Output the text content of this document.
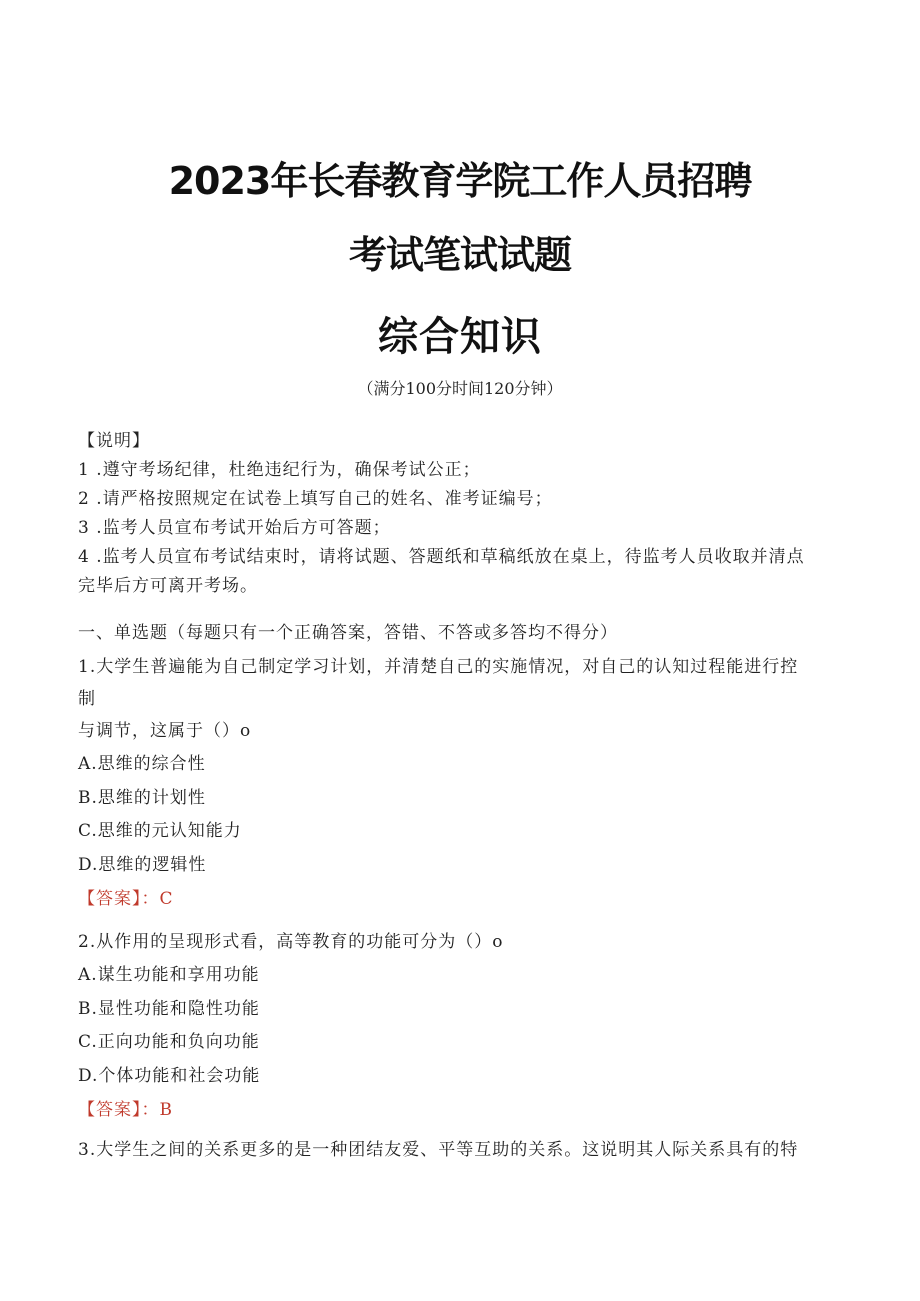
2023年长春教育学院工作人员招聘
考试笔试试题
综合知识
（满分100分时间120分钟）
【说明】
1 .遵守考场纪律，杜绝违纪行为，确保考试公正；
2 .请严格按照规定在试卷上填写自己的姓名、准考证编号；
3 .监考人员宣布考试开始后方可答题；
4 .监考人员宣布考试结束时，请将试题、答题纸和草稿纸放在桌上，待监考人员收取并清点
完毕后方可离开考场。
一、单选题（每题只有一个正确答案，答错、不答或多答均不得分）
1.大学生普遍能为自己制定学习计划，并清楚自己的实施情况，对自己的认知过程能进行控
制
与调节，这属于（）o
A.思维的综合性
B.思维的计划性
C.思维的元认知能力
D.思维的逻辑性
【答案】：C
2.从作用的呈现形式看，高等教育的功能可分为（）o
A.谋生功能和享用功能
B.显性功能和隐性功能
C.正向功能和负向功能
D.个体功能和社会功能
【答案】：B
3.大学生之间的关系更多的是一种团结友爱、平等互助的关系。这说明其人际关系具有的特
